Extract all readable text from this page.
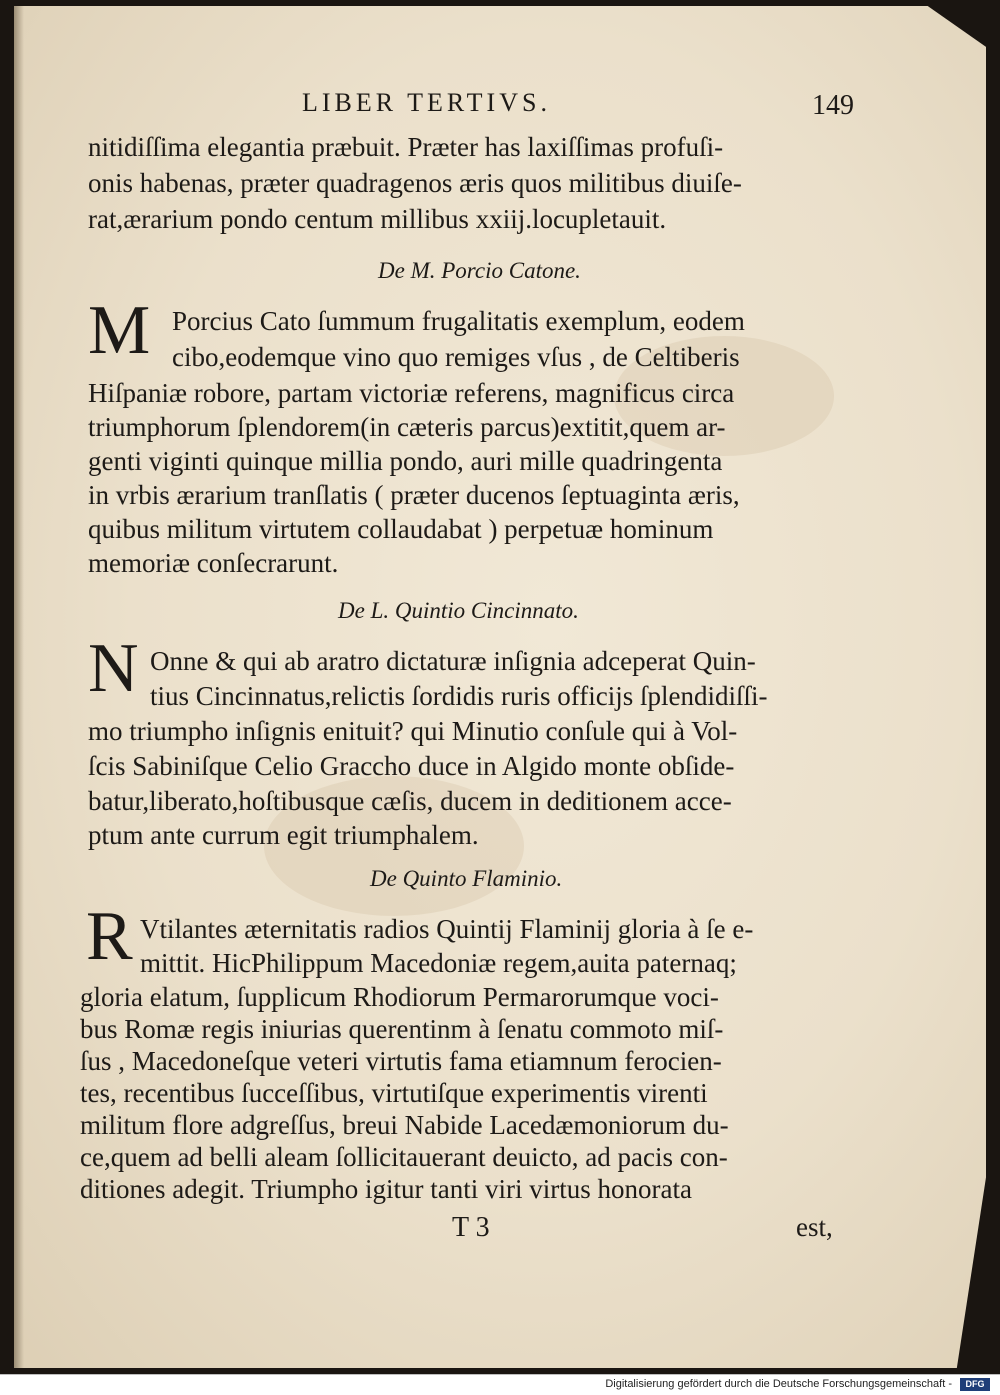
LIBER TERTIVS.	149
nitidiſſima elegantia præbuit. Præter has laxiſſimas profuſi-
onis habenas, præter quadragenos æris quos militibus diuiſe-
rat,ærarium pondo centum millibus xxiij.locupletauit.
De M. Porcio Catone.
M Porcius Cato ſummum frugalitatis exemplum, eodem
cibo,eodemque vino quo remiges vſus , de Celtiberis
Hiſpaniæ robore, partam victoriæ referens, magnificus circa
triumphorum ſplendorem(in cæteris parcus)extitit,quem ar-
genti viginti quinque millia pondo, auri mille quadringenta
in vrbis ærarium tranſlatis ( præter ducenos ſeptuaginta æris,
quibus militum virtutem collaudabat ) perpetuæ hominum
memoriæ conſecrarunt.
De L. Quintio Cincinnato.
N Onne & qui ab aratro dictaturæ inſignia adceperat Quin-
tius Cincinnatus,relictis ſordidis ruris officijs ſplendidiſſi-
mo triumpho inſignis enituit? qui Minutio conſule qui à Vol-
ſcis Sabiniſque Celio Graccho duce in Algido monte obſide-
batur,liberato,hoſtibusque cæſis, ducem in deditionem acce-
ptum ante currum egit triumphalem.
De Quinto Flaminio.
R Vtilantes æternitatis radios Quintij Flaminij gloria à ſe e-
mittit. HicPhilippum Macedoniæ regem,auita paternaq;
gloria elatum, ſupplicum Rhodiorum Permarorumque voci-
bus Romæ regis iniurias querentinm à ſenatu commoto miſ-
ſus , Macedoneſque veteri virtutis fama etiamnum ferocien-
tes, recentibus ſucceſſibus, virtutiſque experimentis virenti
militum flore adgreſſus, breui Nabide Lacedæmoniorum du-
ce,quem ad belli aleam ſollicitauerant deuicto, ad pacis con-
ditiones adegit. Triumpho igitur tanti viri virtus honorata
T 3	est,
Digitalisierung gefördert durch die Deutsche Forschungsgemeinschaft -	DFG
